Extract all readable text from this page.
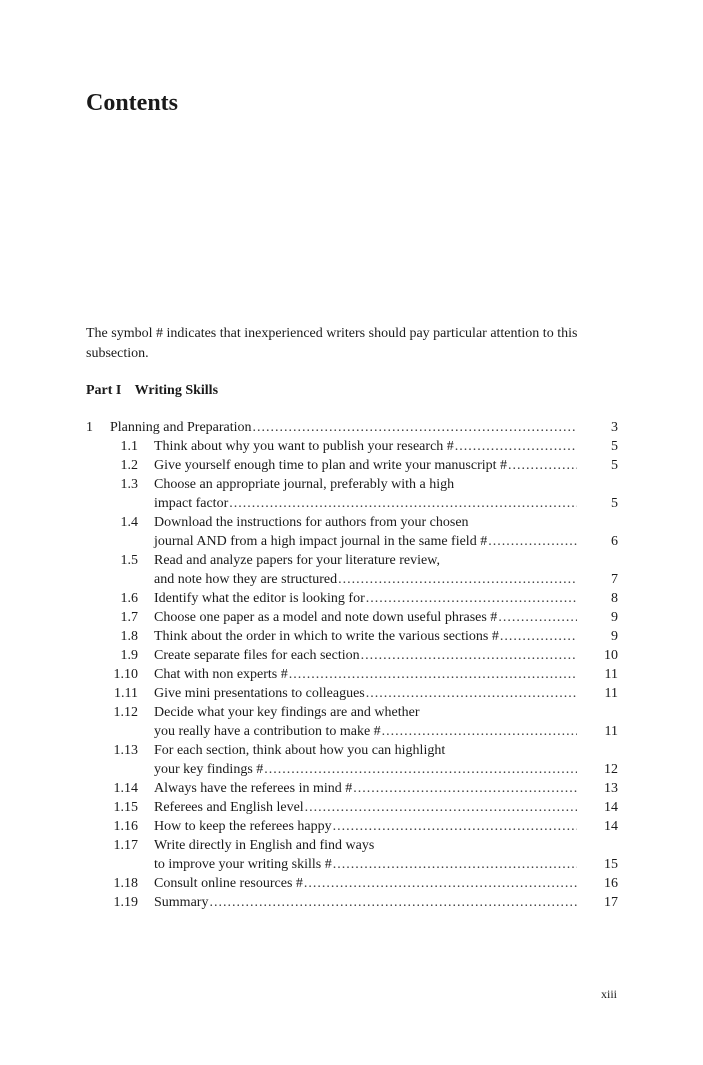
Contents
The symbol # indicates that inexperienced writers should pay particular attention to this subsection.
Part I Writing Skills
1 Planning and Preparation .....	3
1.1 Think about why you want to publish your research # .....	5
1.2 Give yourself enough time to plan and write your manuscript # .....	5
1.3 Choose an appropriate journal, preferably with a high
impact factor .....	5
1.4 Download the instructions for authors from your chosen
journal AND from a high impact journal in the same field # .....	6
1.5 Read and analyze papers for your literature review,
and note how they are structured .....	7
1.6 Identify what the editor is looking for .....	8
1.7 Choose one paper as a model and note down useful phrases # .....	9
1.8 Think about the order in which to write the various sections # .....	9
1.9 Create separate files for each section .....	10
1.10 Chat with non experts # .....	11
1.11 Give mini presentations to colleagues .....	11
1.12 Decide what your key findings are and whether
you really have a contribution to make # .....	11
1.13 For each section, think about how you can highlight
your key findings # .....	12
1.14 Always have the referees in mind # .....	13
1.15 Referees and English level .....	14
1.16 How to keep the referees happy .....	14
1.17 Write directly in English and find ways
to improve your writing skills # .....	15
1.18 Consult online resources # .....	16
1.19 Summary .....	17
xiii
